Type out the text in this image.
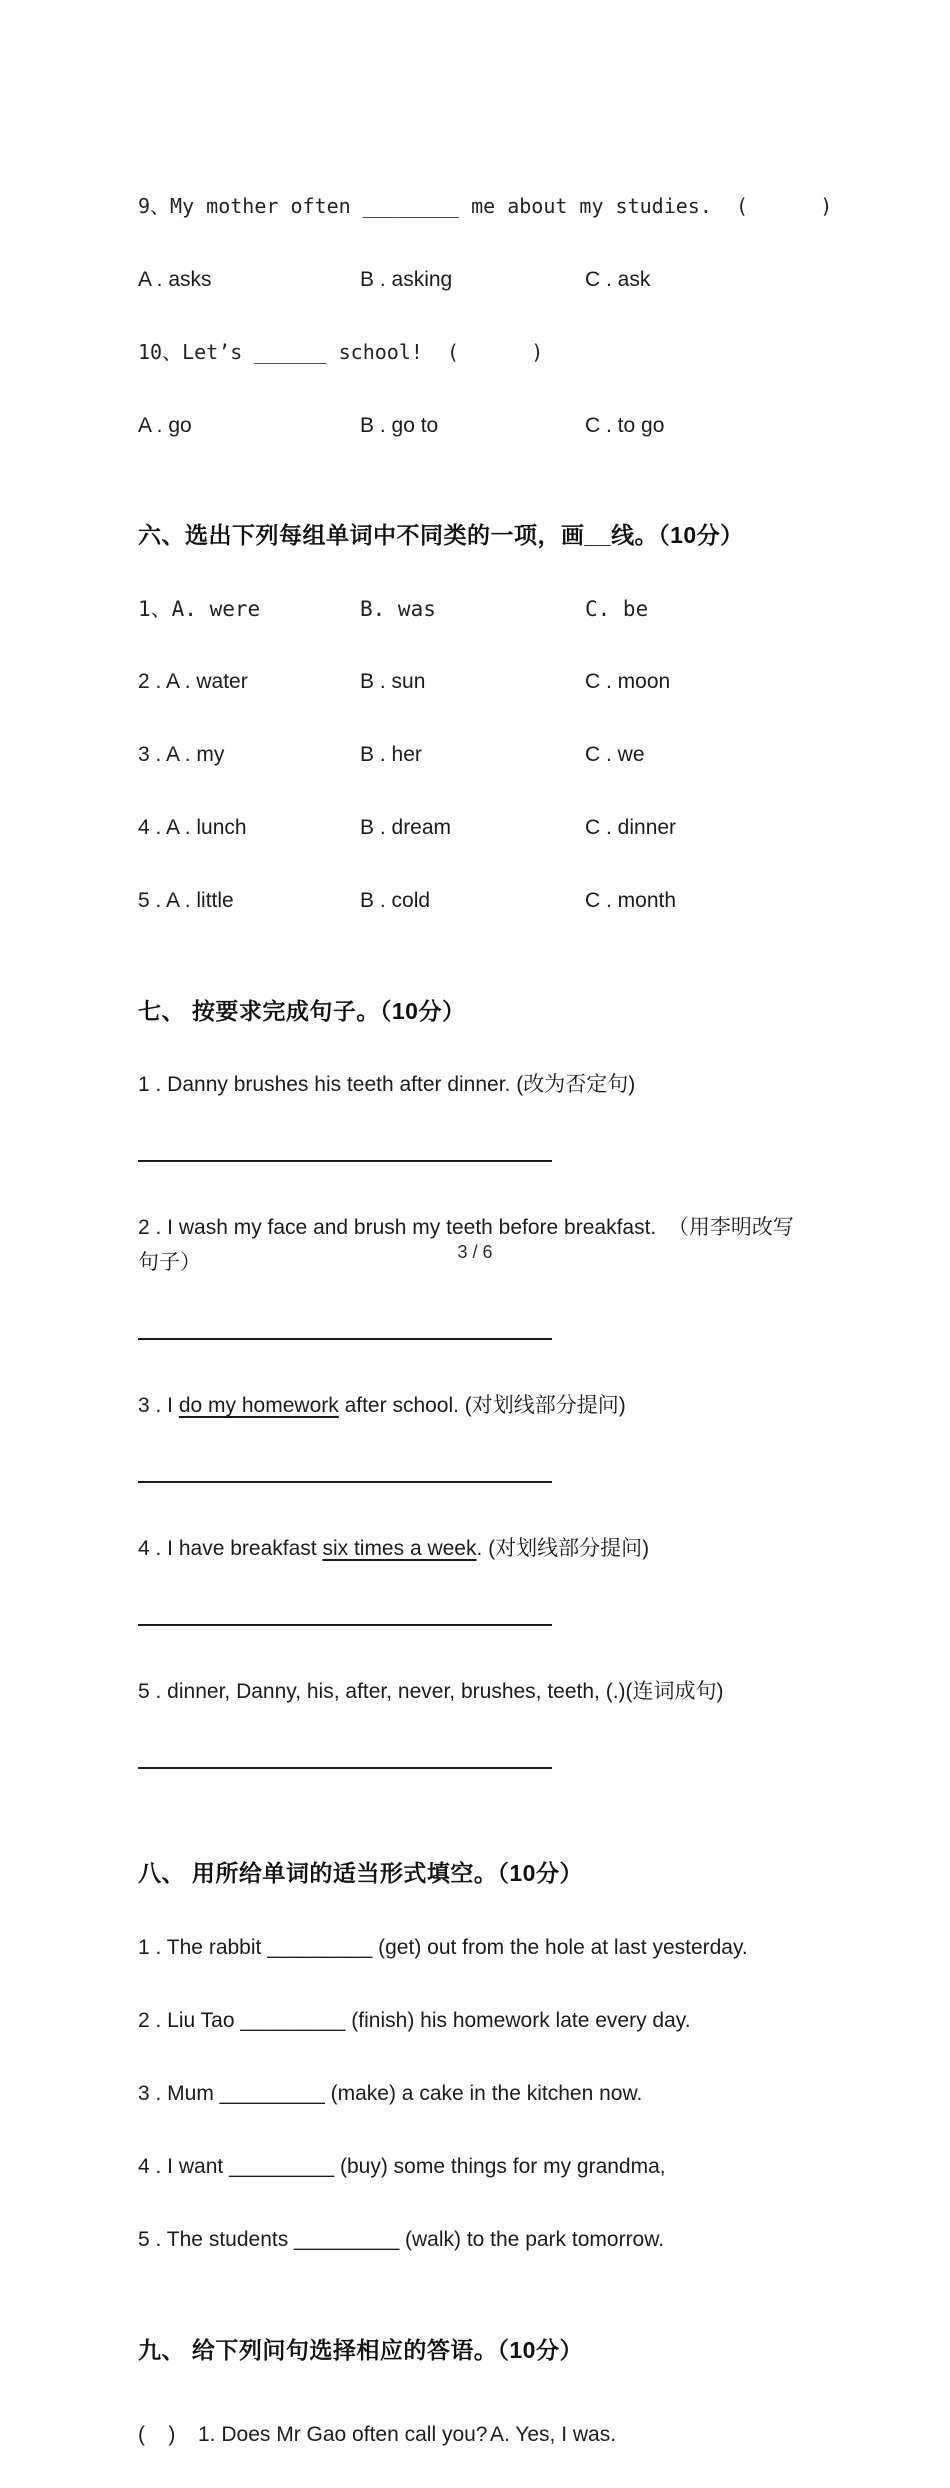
9、My mother often ________ me about my studies.  (      )

A . asks	B . asking	C . ask

10、Let’s ______ school!  (      )

A . go	B . go to	C . to go

六、选出下列每组单词中不同类的一项，画__线。（10分）

1、A. were	B. was	C. be

2 . A . water	B . sun	C . moon

3 . A . my	B . her	C . we

4 . A . lunch	B . dream	C . dinner

5 . A . little	B . cold	C . month

七、 按要求完成句子。（10分）

1 . Danny brushes his teeth after dinner. (改为否定句)

2 . I wash my face and brush my teeth before breakfast.  （用李明改写句子）

3 . I do my homework after school. (对划线部分提问)

4 . I have breakfast six times a week. (对划线部分提问)

5 . dinner, Danny, his, after, never, brushes, teeth, (.)(连词成句)

八、 用所给单词的适当形式填空。（10分）

1 . The rabbit _________ (get) out from the hole at last yesterday.

2 . Liu Tao _________ (finish) his homework late every day.

3 . Mum _________ (make) a cake in the kitchen now.

4 . I want _________ (buy) some things for my grandma,

5 . The students _________ (walk) to the park tomorrow.

九、 给下列问句选择相应的答语。（10分）

(    )	1. Does Mr Gao often call you? A. Yes, I was.

3 / 6
